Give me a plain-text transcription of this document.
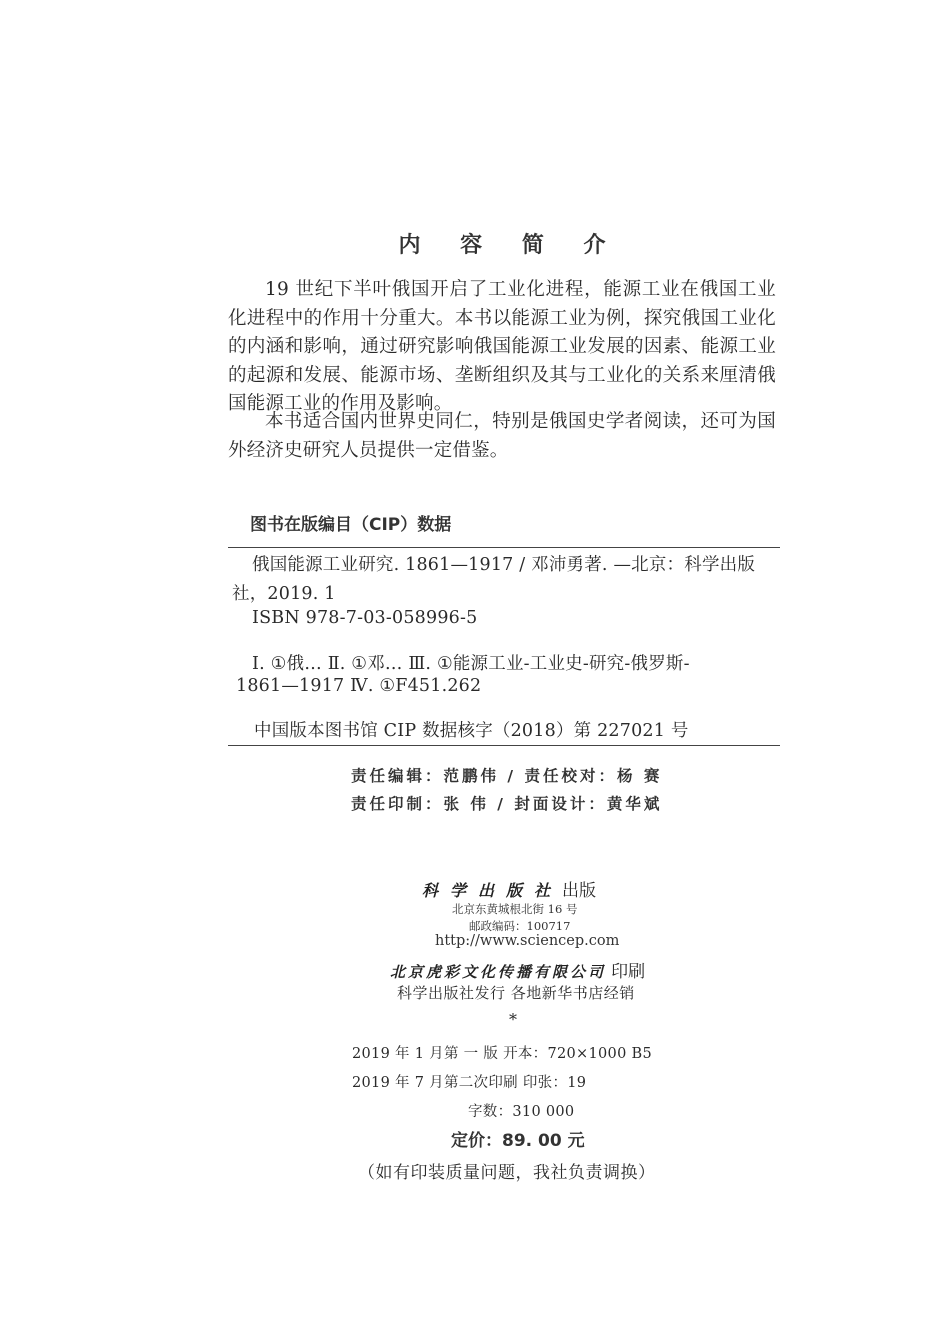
内 容 简 介
19 世纪下半叶俄国开启了工业化进程，能源工业在俄国工业化进程中的作用十分重大。本书以能源工业为例，探究俄国工业化的内涵和影响，通过研究影响俄国能源工业发展的因素、能源工业的起源和发展、能源市场、垄断组织及其与工业化的关系来厘清俄国能源工业的作用及影响。
本书适合国内世界史同仁，特别是俄国史学者阅读，还可为国外经济史研究人员提供一定借鉴。
图书在版编目（CIP）数据
俄国能源工业研究. 1861—1917 / 邓沛勇著. —北京：科学出版
社，2019. 1
ISBN 978-7-03-058996-5
Ⅰ. ①俄… Ⅱ. ①邓… Ⅲ. ①能源工业-工业史-研究-俄罗斯-
1861—1917 Ⅳ. ①F451.262
中国版本图书馆 CIP 数据核字（2018）第 227021 号
责任编辑：范鹏伟 / 责任校对：杨 赛
责任印制：张 伟 / 封面设计：黄华斌
科学出版社出版
北京东黄城根北街 16 号
邮政编码：100717
http://www.sciencep.com
北京虎彩文化传播有限公司 印刷
科学出版社发行 各地新华书店经销
*
2019 年 1 月第 一 版 开本：720×1000 B5
2019 年 7 月第二次印刷 印张：19
字数：310 000
定价：89. 00 元
（如有印装质量问题，我社负责调换）
